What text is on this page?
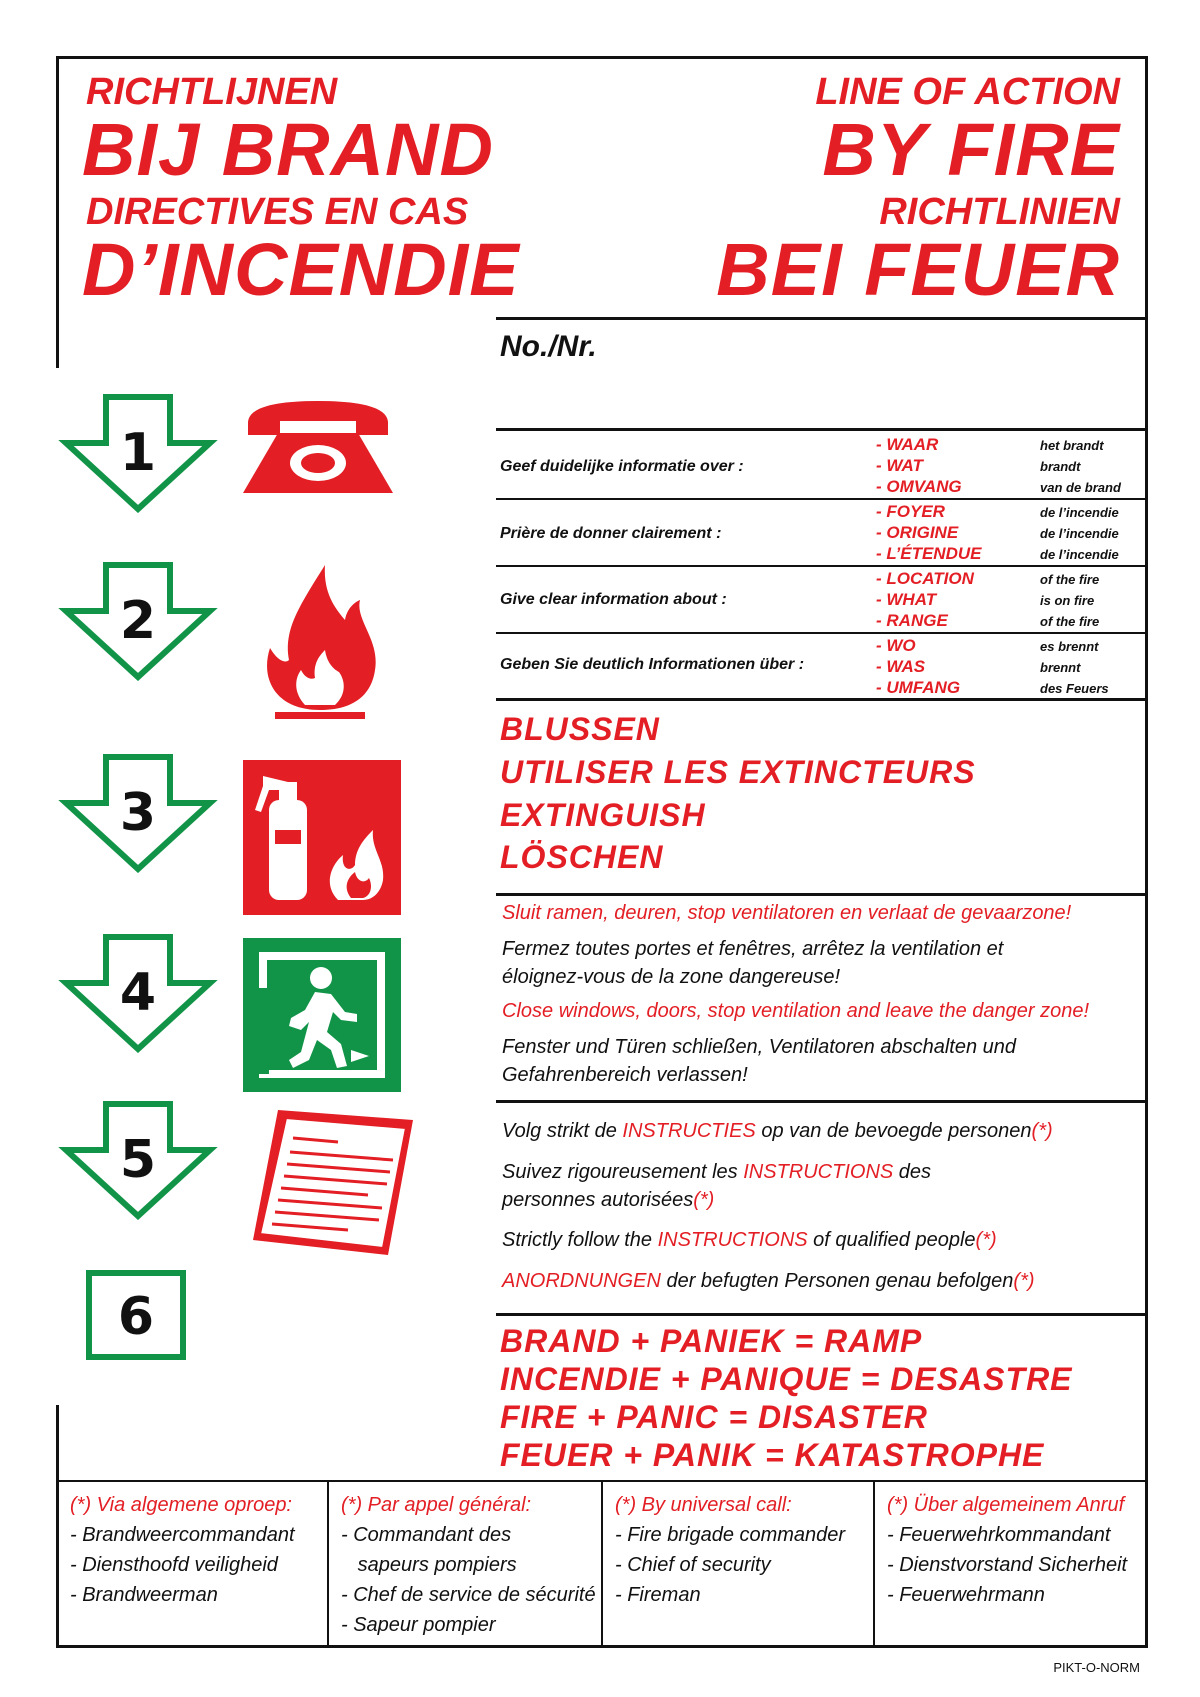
RICHTLIJNEN
BIJ BRAND
DIRECTIVES EN CAS
D’INCENDIE
LINE OF ACTION
BY FIRE
RICHTLINIEN
BEI FEUER
No./Nr.
Geef duidelijke informatie over :
- WAAR	het brandt
- WAT	brandt
- OMVANG	van de brand
Prière de donner clairement :
- FOYER	de l’incendie
- ORIGINE	de l’incendie
- L’ÉTENDUE	de l’incendie
Give clear information about :
- LOCATION	of the fire
- WHAT	is on fire
- RANGE	of the fire
Geben Sie deutlich Informationen über :
- WO	es brennt
- WAS	brennt
- UMFANG	des Feuers
BLUSSEN
UTILISER LES EXTINCTEURS
EXTINGUISH
LÖSCHEN
Sluit ramen, deuren, stop ventilatoren en verlaat de gevaarzone!
Fermez toutes portes et fenêtres, arrêtez la ventilation et
éloignez-vous de la zone dangereuse!
Close windows, doors, stop ventilation and leave the danger zone!
Fenster und Türen schließen, Ventilatoren abschalten und
Gefahrenbereich verlassen!
Volg strikt de INSTRUCTIES op van de bevoegde personen(*)
Suivez rigoureusement les INSTRUCTIONS des
personnes autorisées(*)
Strictly follow the INSTRUCTIONS of qualified people(*)
ANORDNUNGEN der befugten Personen genau befolgen(*)
BRAND + PANIEK = RAMP
INCENDIE + PANIQUE = DESASTRE
FIRE + PANIC = DISASTER
FEUER + PANIK = KATASTROPHE
(*) Via algemene oproep:
- Brandweercommandant
- Diensthoofd veiligheid
- Brandweerman
(*) Par appel général:
- Commandant des
sapeurs pompiers
- Chef de service de sécurité
- Sapeur pompier
(*) By universal call:
- Fire brigade commander
- Chief of security
- Fireman
(*) Über algemeinem Anruf
- Feuerwehrkommandant
- Dienstvorstand Sicherheit
- Feuerwehrmann
PIKT-O-NORM
1
2
3
4
5
6
